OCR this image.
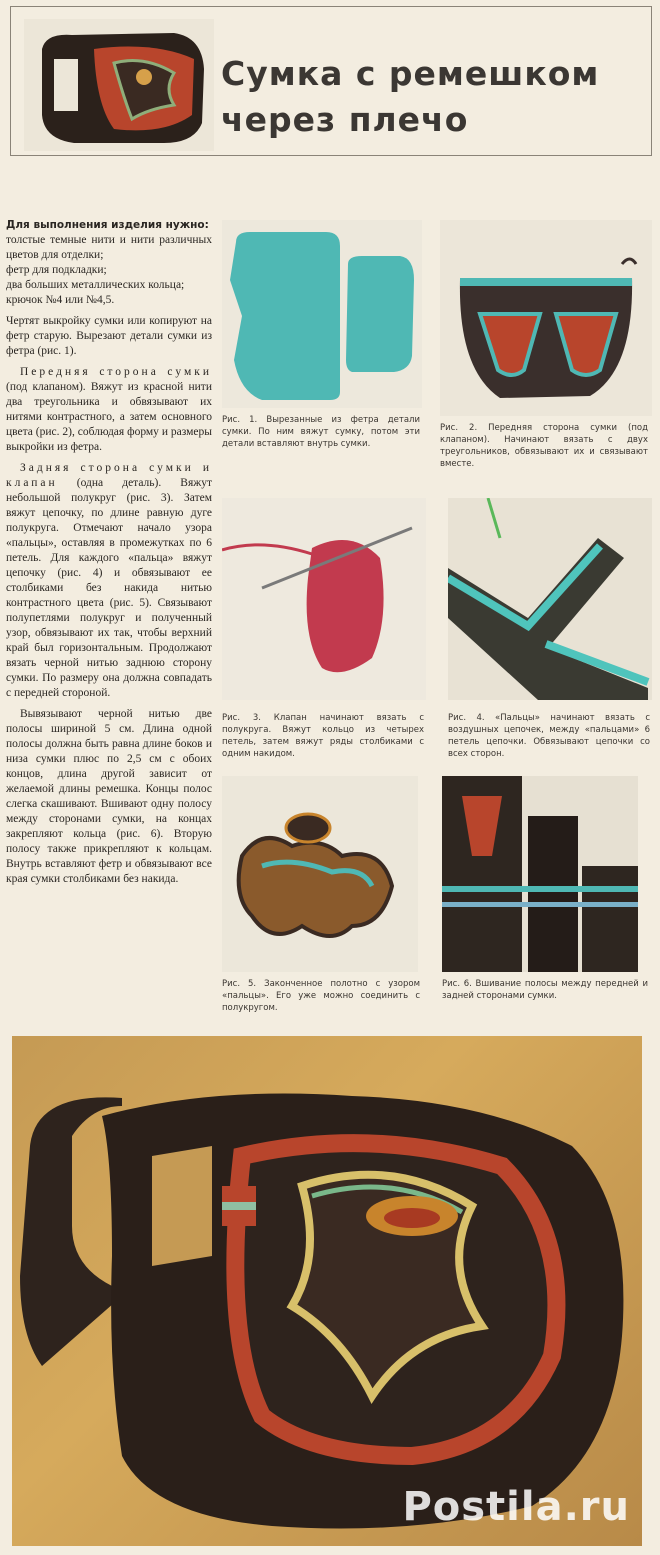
Сумка с ремешком
через плечо

Для выполнения изделия нужно:
толстые темные нити и нити различных цветов для отделки;
фетр для подкладки;
два больших металлических кольца;
крючок №4 или №4,5.

Чертят выкройку сумки или копируют на фетр старую. Вырезают детали сумки из фетра (рис. 1).

Передняя сторона сумки (под клапаном). Вяжут из красной нити два треугольника и обвязывают их нитями контрастного, а затем основного цвета (рис. 2), соблюдая форму и размеры выкройки из фетра.

Задняя сторона сумки и клапан (одна деталь). Вяжут небольшой полукруг (рис. 3). Затем вяжут цепочку, по длине равную дуге полукруга. Отмечают начало узора «пальцы», оставляя в промежутках по 6 петель. Для каждого «пальца» вяжут цепочку (рис. 4) и обвязывают ее столбиками без накида нитью контрастного цвета (рис. 5). Связывают полупетлями полукруг и полученный узор, обвязывают их так, чтобы верхний край был горизонтальным. Продолжают вязать черной нитью заднюю сторону сумки. По размеру она должна совпадать с передней стороной.

Вывязывают черной нитью две полосы шириной 5 см. Длина одной полосы должна быть равна длине боков и низа сумки плюс по 2,5 см с обоих концов, длина другой зависит от желаемой длины ремешка. Концы полос слегка скашивают. Вшивают одну полосу между сторонами сумки, на концах закрепляют кольца (рис. 6). Вторую полосу также прикрепляют к кольцам. Внутрь вставляют фетр и обвязывают все края сумки столбиками без накида.

Рис. 1. Вырезанные из фетра детали сумки. По ним вяжут сумку, потом эти детали вставляют внутрь сумки.
Рис. 2. Передняя сторона сумки (под клапаном). Начинают вязать с двух треугольников, обвязывают их и связывают вместе.
Рис. 3. Клапан начинают вязать с полукруга. Вяжут кольцо из четырех петель, затем вяжут ряды столбиками с одним накидом.
Рис. 4. «Пальцы» начинают вязать с воздушных цепочек, между «пальцами» 6 петель цепочки. Обвязывают цепочки со всех сторон.
Рис. 5. Законченное полотно с узором «пальцы». Его уже можно соединить с полукругом.
Рис. 6. Вшивание полосы между передней и задней сторонами сумки.
Postila.ru
